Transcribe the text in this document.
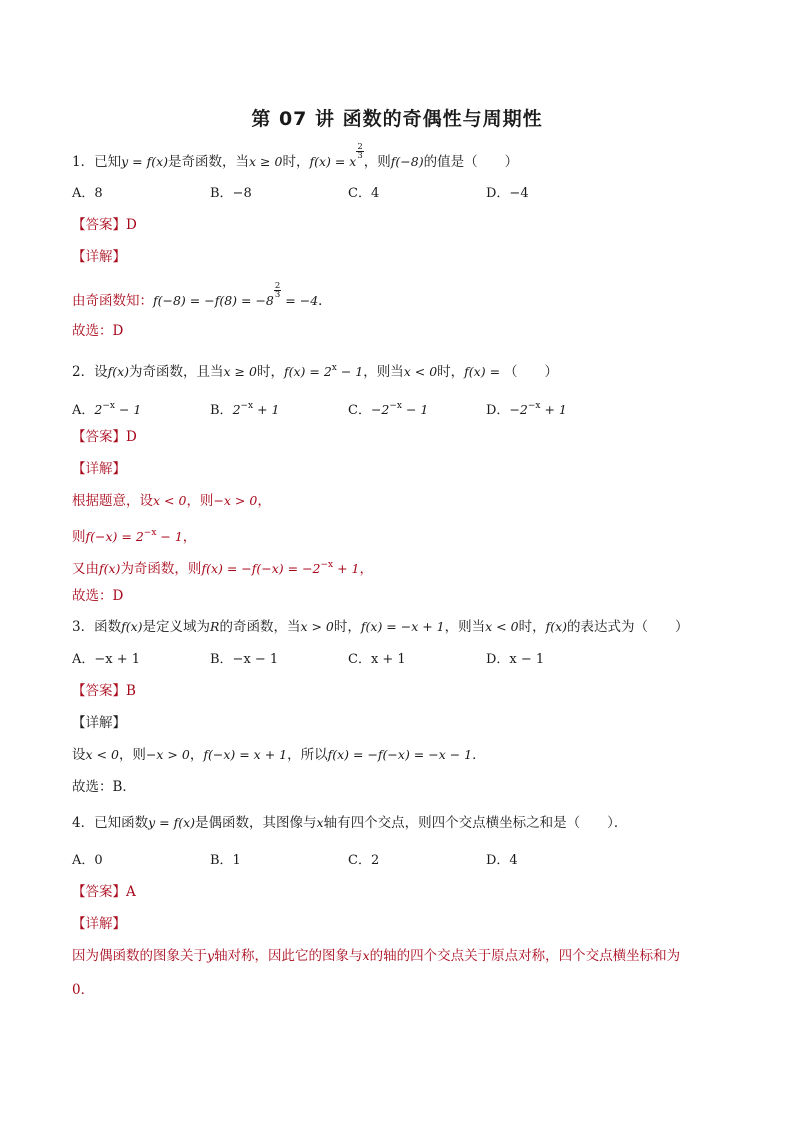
第 07 讲 函数的奇偶性与周期性
1．已知y = f(x)是奇函数，当x ≥ 0时，f(x) = x
$\frac{2}{3}$
，则f(−8)的值是（　　）
A．8	B．−8	C．4	D．−4
【答案】D
【详解】
由奇函数知：f(−8) = −f(8) = −8
$\frac{2}{3}$
= −4．
故选：D
2．设f(x)为奇函数，且当x ≥ 0时，$f(x) = 2^x - 1$，则当x < 0时，f(x) = （　　）
A．$2^{-x} - 1$	B．$2^{-x} + 1$	C．$-2^{-x} - 1$	D．$-2^{-x} + 1$
【答案】D
【详解】
根据题意，设x < 0，则−x > 0，
则$f(-x) = 2^{-x} - 1$，
又由f(x)为奇函数，则$f(x) = -f(-x) = -2^{-x} + 1$，
故选：D
3．函数f(x)是定义域为R的奇函数，当x > 0时，f(x) = −x + 1，则当x < 0时，f(x)的表达式为（　　）
A．−x + 1	B．−x − 1	C．x + 1	D．x − 1
【答案】B
【详解】
设x < 0，则−x > 0，f(−x) = x + 1，所以f(x) = −f(−x) = −x − 1．
故选：B．
4．已知函数y = f(x)是偶函数，其图像与x轴有四个交点，则四个交点横坐标之和是（　　）．
A．0	B．1	C．2	D．4
【答案】A
【详解】
因为偶函数的图象关于y轴对称，因此它的图象与x的轴的四个交点关于原点对称，四个交点横坐标和为
0．
